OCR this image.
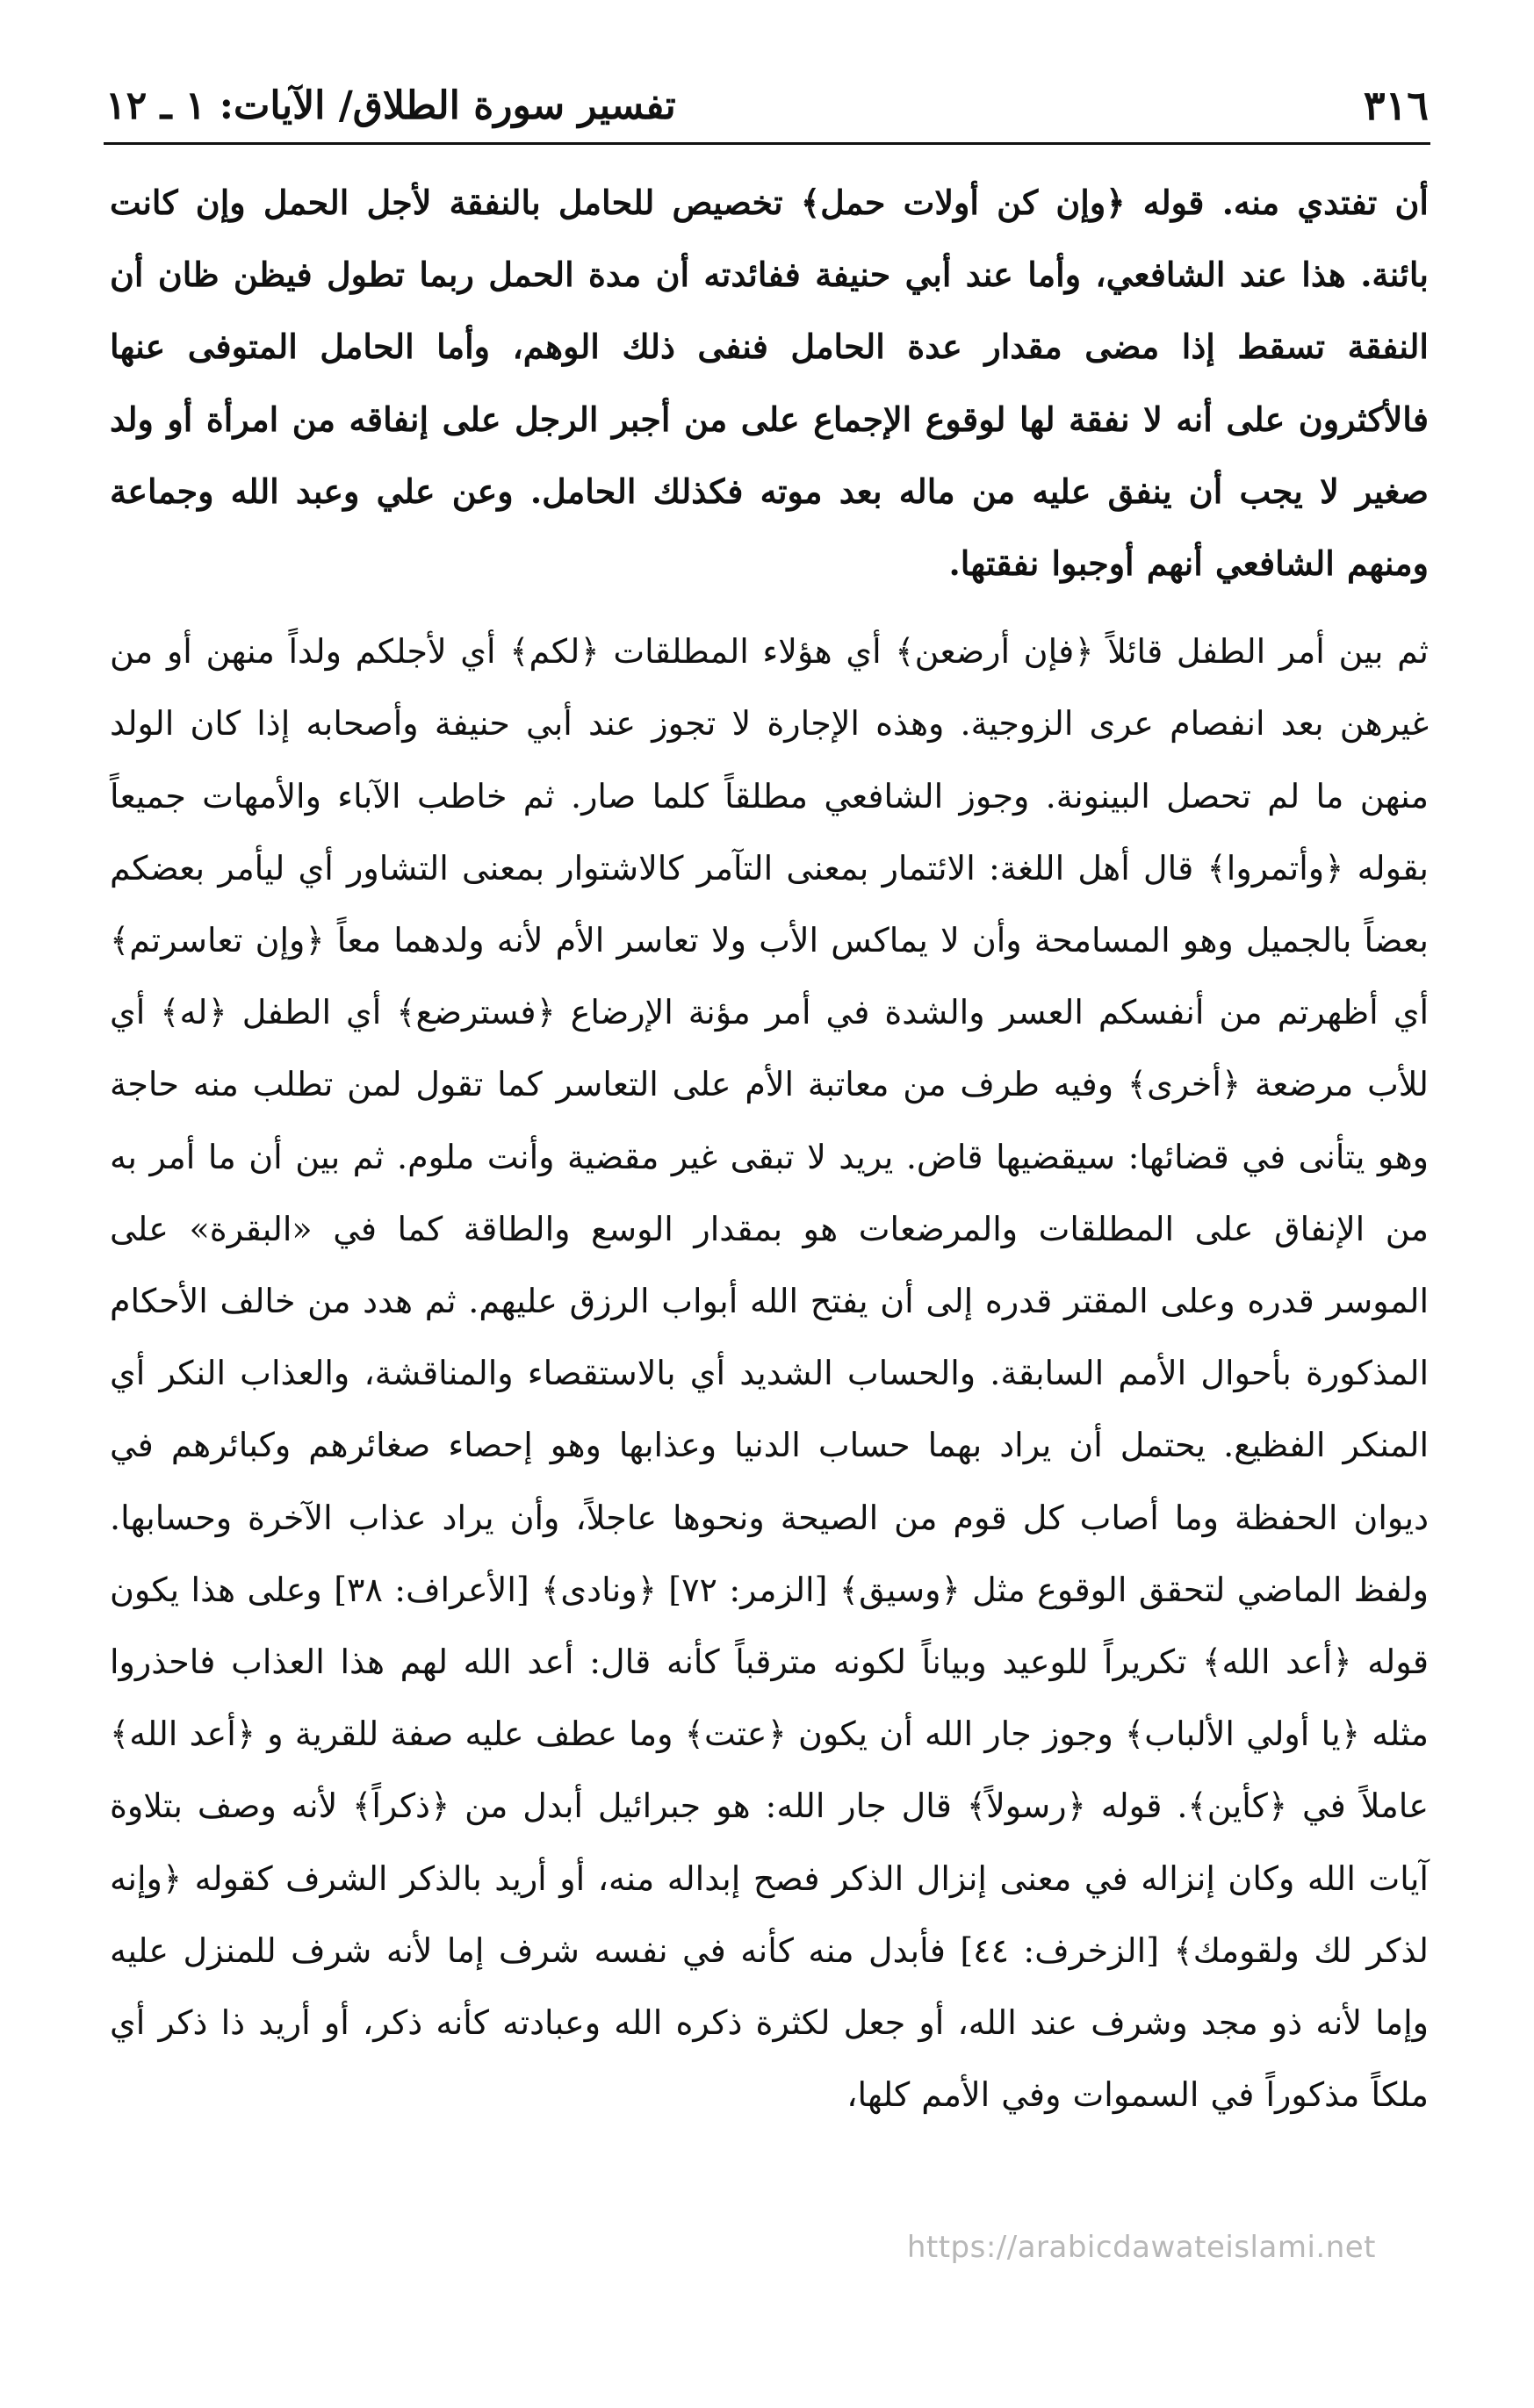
٣١٦
تفسير سورة الطلاق/ الآيات: ١ ـ ١٢

أن تفتدي منه. قوله ﴿وإن كن أولات حمل﴾ تخصيص للحامل بالنفقة لأجل الحمل وإن كانت بائنة. هذا عند الشافعي، وأما عند أبي حنيفة ففائدته أن مدة الحمل ربما تطول فيظن ظان أن النفقة تسقط إذا مضى مقدار عدة الحامل فنفى ذلك الوهم، وأما الحامل المتوفى عنها فالأكثرون على أنه لا نفقة لها لوقوع الإجماع على من أجبر الرجل على إنفاقه من امرأة أو ولد صغير لا يجب أن ينفق عليه من ماله بعد موته فكذلك الحامل. وعن علي وعبد الله وجماعة ومنهم الشافعي أنهم أوجبوا نفقتها.

ثم بين أمر الطفل قائلاً ﴿فإن أرضعن﴾ أي هؤلاء المطلقات ﴿لكم﴾ أي لأجلكم ولداً منهن أو من غيرهن بعد انفصام عرى الزوجية. وهذه الإجارة لا تجوز عند أبي حنيفة وأصحابه إذا كان الولد منهن ما لم تحصل البينونة. وجوز الشافعي مطلقاً كلما صار. ثم خاطب الآباء والأمهات جميعاً بقوله ﴿وأتمروا﴾ قال أهل اللغة: الائتمار بمعنى التآمر كالاشتوار بمعنى التشاور أي ليأمر بعضكم بعضاً بالجميل وهو المسامحة وأن لا يماكس الأب ولا تعاسر الأم لأنه ولدهما معاً ﴿وإن تعاسرتم﴾ أي أظهرتم من أنفسكم العسر والشدة في أمر مؤنة الإرضاع ﴿فسترضع﴾ أي الطفل ﴿له﴾ أي للأب مرضعة ﴿أخرى﴾ وفيه طرف من معاتبة الأم على التعاسر كما تقول لمن تطلب منه حاجة وهو يتأنى في قضائها: سيقضيها قاض. يريد لا تبقى غير مقضية وأنت ملوم. ثم بين أن ما أمر به من الإنفاق على المطلقات والمرضعات هو بمقدار الوسع والطاقة كما في «البقرة» على الموسر قدره وعلى المقتر قدره إلى أن يفتح الله أبواب الرزق عليهم. ثم هدد من خالف الأحكام المذكورة بأحوال الأمم السابقة. والحساب الشديد أي بالاستقصاء والمناقشة، والعذاب النكر أي المنكر الفظيع. يحتمل أن يراد بهما حساب الدنيا وعذابها وهو إحصاء صغائرهم وكبائرهم في ديوان الحفظة وما أصاب كل قوم من الصيحة ونحوها عاجلاً، وأن يراد عذاب الآخرة وحسابها. ولفظ الماضي لتحقق الوقوع مثل ﴿وسيق﴾ [الزمر: ٧٢] ﴿ونادى﴾ [الأعراف: ٣٨] وعلى هذا يكون قوله ﴿أعد الله﴾ تكريراً للوعيد وبياناً لكونه مترقباً كأنه قال: أعد الله لهم هذا العذاب فاحذروا مثله ﴿يا أولي الألباب﴾ وجوز جار الله أن يكون ﴿عتت﴾ وما عطف عليه صفة للقرية و ﴿أعد الله﴾ عاملاً في ﴿كأين﴾. قوله ﴿رسولاً﴾ قال جار الله: هو جبرائيل أبدل من ﴿ذكراً﴾ لأنه وصف بتلاوة آيات الله وكان إنزاله في معنى إنزال الذكر فصح إبداله منه، أو أريد بالذكر الشرف كقوله ﴿وإنه لذكر لك ولقومك﴾ [الزخرف: ٤٤] فأبدل منه كأنه في نفسه شرف إما لأنه شرف للمنزل عليه وإما لأنه ذو مجد وشرف عند الله، أو جعل لكثرة ذكره الله وعبادته كأنه ذكر، أو أريد ذا ذكر أي ملكاً مذكوراً في السموات وفي الأمم كلها،

https://arabicdawateislami.net
